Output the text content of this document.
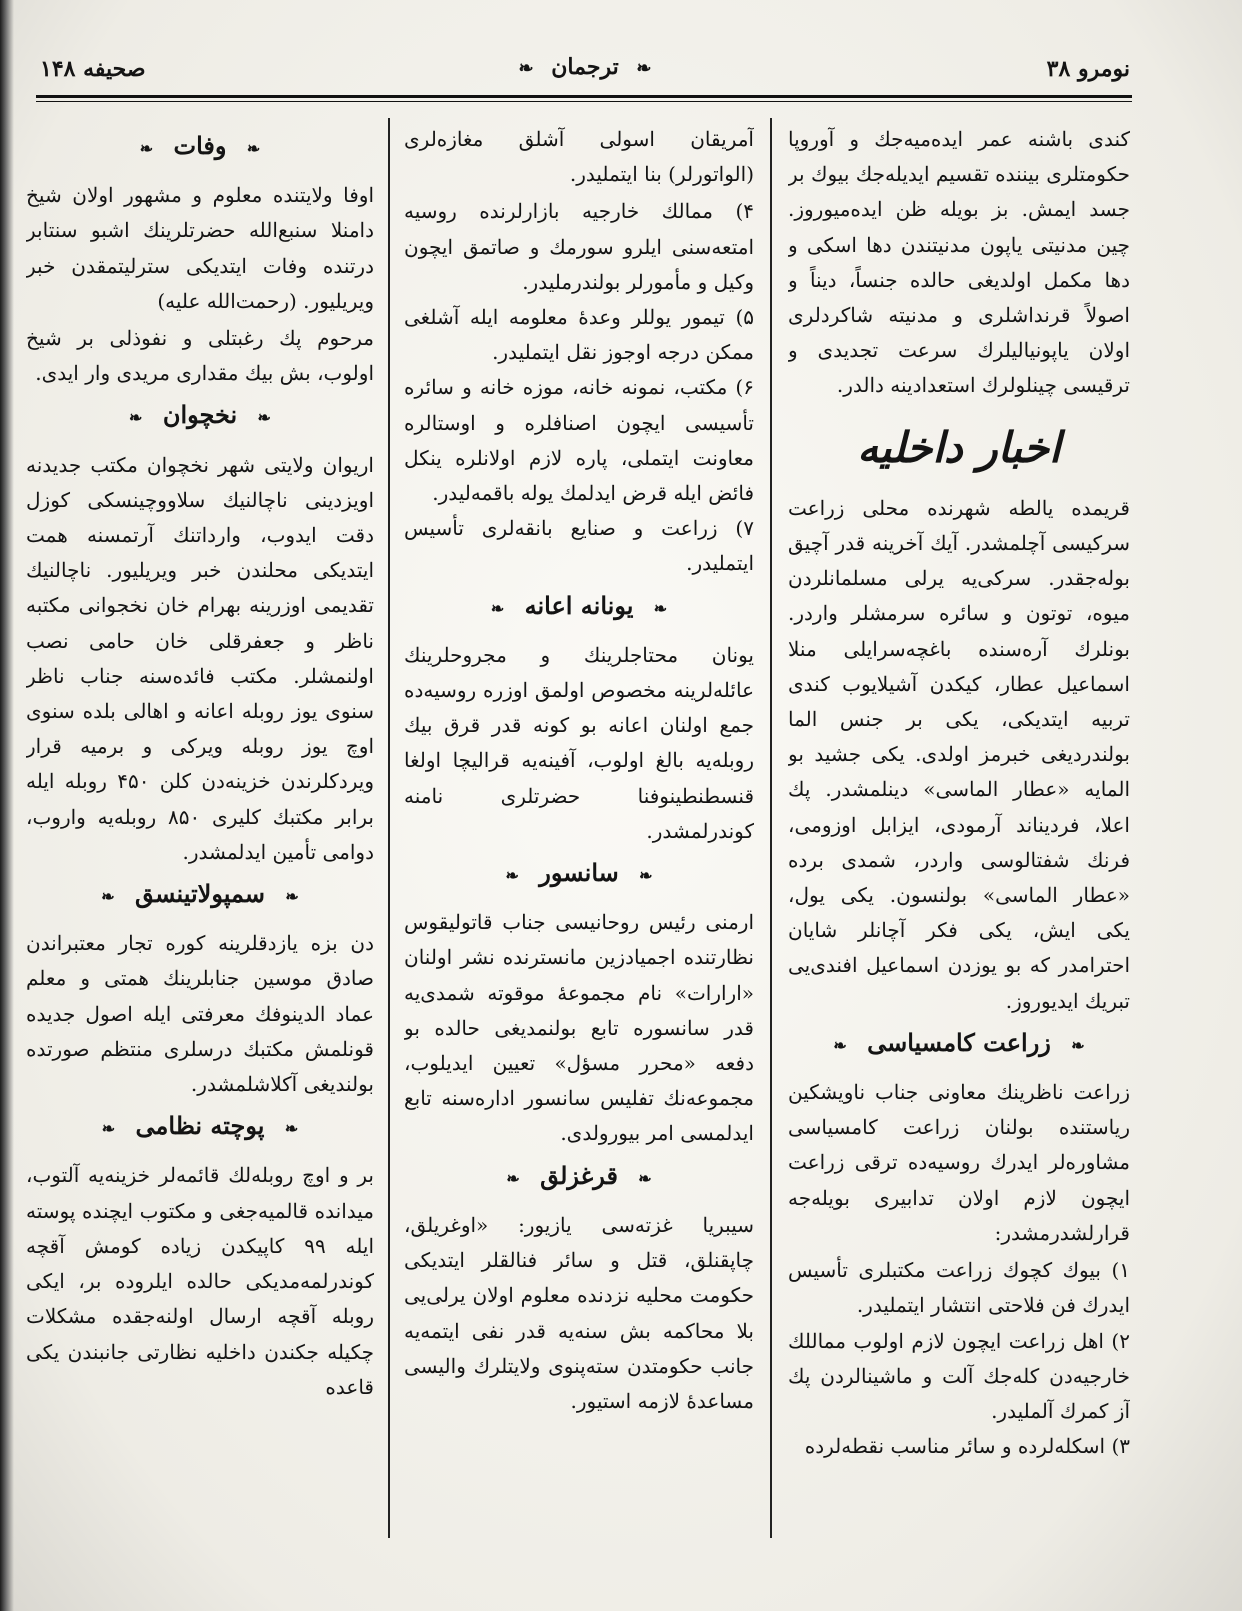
نومرو ۳۸
❧ ترجمان ❧
صحیفه ۱۴۸

کندی باشنه عمر ایده‌میه‌جك و آوروپا حکومتلری بیننده تقسیم ایدیله‌جك بیوك بر جسد ایمش. بز بویله ظن ایده‌میوروز. چین مدنیتی یاپون مدنیتندن دها اسکی و دها مکمل اولدیغی حالده جنساً، دیناً و اصولاً قرنداشلری و مدنیته شاکردلری اولان یاپونیالیلرك سرعت تجدیدی و ترقیسی چینلولرك استعدادینه دالدر.

اخبار داخلیه

قریمده یالطه شهرنده محلی زراعت سرکیسی آچلمشدر. آیك آخرینه قدر آچیق بوله‌جقدر. سرکی‌یه یرلی مسلمانلردن میوه، توتون و سائره سرمشلر واردر. بونلرك آره‌سنده باغچه‌سرایلی منلا اسماعیل عطار، کیکدن آشیلایوب کندی تربیه ایتدیکی، یکی بر جنس الما بولندردیغی خبرمز اولدی. یکی جشید بو المایه «عطار الماسی» دینلمشدر. پك اعلا، فردیناند آرمودی، ایزابل اوزومی، فرنك شفتالوسی واردر، شمدی برده «عطار الماسی» بولنسون. یکی یول، یکی ایش، یکی فکر آچانلر شایان احترامدر که بو یوزدن اسماعیل افندی‌یی تبریك ایدیوروز.

❧ زراعت کامسیاسی ❧

زراعت ناظرینك معاونی جناب ناویشکین ریاستنده بولنان زراعت کامسیاسی مشاوره‌لر ایدرك روسیه‌ده ترقی زراعت ایچون لازم اولان تدابیری بویله‌جه قرارلشدرمشدر:

۱) بیوك کچوك زراعت مکتبلری تأسیس ایدرك فن فلاحتی انتشار ایتملیدر.
۲) اهل زراعت ایچون لازم اولوب مماللك خارجیه‌دن کله‌جك آلت و ماشینالردن پك آز کمرك آلملیدر.
۳) اسکله‌لرده و سائر مناسب نقطه‌لرده

آمریقان اسولی آشلق مغازه‌لری (الواتورلر) بنا ایتملیدر.

۴) ممالك خارجیه بازارلرنده روسیه امتعه‌سنی ایلرو سورمك و صاتمق ایچون وکیل و مأمورلر بولندرملیدر.
۵) تیمور یوللر وعدهٔ معلومه ایله آشلغی ممکن درجه اوجوز نقل ایتملیدر.
۶) مکتب، نمونه خانه، موزه خانه و سائره تأسیسی ایچون اصنافلره و اوستالره معاونت ایتملی، پاره لازم اولانلره ینکل فائض ایله قرض ایدلمك یوله باقمه‌لیدر.
۷) زراعت و صنایع بانقه‌لری تأسیس ایتملیدر.
❧ یونانه اعانه ❧

یونان محتاجلرینك و مجروحلرینك عائله‌لرینه مخصوص اولمق اوزره روسیه‌ده جمع اولنان اعانه بو کونه قدر قرق بیك روبله‌یه بالغ اولوب، آفینه‌یه قرالیچا اولغا قنسطنطینوفنا حضرتلری نامنه کوندرلمشدر.

❧ سانسور ❧

ارمنی رئیس روحانیسی جناب قاتولیقوس نظارتنده اجمیادزین مانسترنده نشر اولنان «ارارات» نام مجموعهٔ موقوته شمدی‌یه قدر سانسوره تابع بولنمدیغی حالده بو دفعه «محرر مسؤل» تعیین ایدیلوب، مجموعه‌نك تفلیس سانسور اداره‌سنه تابع ایدلمسی امر بیورولدی.

❧ قرغزلق ❧

سیبریا غزته‌سی یازیور: «اوغریلق، چاپقنلق، قتل و سائر فنالقلر ایتدیکی حکومت محلیه نزدنده معلوم اولان یرلی‌یی بلا محاکمه بش سنه‌یه قدر نفی ایتمه‌یه جانب حکومتدن سته‌پنوی ولایتلرك والیسی مساعدهٔ لازمه استیور.

❧ وفات ❧

اوفا ولایتنده معلوم و مشهور اولان شیخ دامنلا سنبع‌الله حضرتلرینك اشبو سنتابر درتنده وفات ایتدیکی سترلیتمقدن خبر ویریلیور. (رحمت‌الله علیه)

مرحوم پك رغبتلی و نفوذلی بر شیخ اولوب، بش بیك مقداری مریدی وار ایدی.

❧ نخچوان ❧

اریوان ولایتی شهر نخچوان مکتب جدیدنه اویزدینی ناچالنیك سلاووچینسکی کوزل دقت ایدوب، وارداتنك آرتمسنه همت ایتدیکی محلندن خبر ویریلیور. ناچالنیك تقدیمی اوزرینه بهرام خان نخجوانی مکتبه ناظر و جعفرقلی خان حامی نصب اولنمشلر. مکتب فائده‌سنه جناب ناظر سنوی یوز روبله اعانه و اهالی بلده سنوی اوچ یوز روبله ویرکی و برمیه قرار ویردکلرندن خزینه‌دن کلن ۴۵۰ روبله ایله برابر مکتبك کلیری ۸۵۰ روبله‌یه واروب، دوامی تأمین ایدلمشدر.

❧ سمپولاتینسق ❧

دن بزه یازدقلرینه کوره تجار معتبراندن صادق موسین جنابلرینك همتی و معلم عماد الدینوفك معرفتی ایله اصول جدیده قونلمش مکتبك درسلری منتظم صورتده بولندیغی آکلاشلمشدر.

❧ پوچته نظامی ❧

بر و اوچ روبله‌لك قائمه‌لر خزینه‌یه آلتوب، میدانده قالمیه‌جغی و مکتوب ایچنده پوسته ایله ۹۹ کاپیکدن زیاده کومش آقچه کوندرلمه‌مدیکی حالده ایلروده بر، ایکی روبله آقچه ارسال اولنه‌جقده مشکلات چکیله جکندن داخلیه نظارتی جانبندن یکی قاعده
